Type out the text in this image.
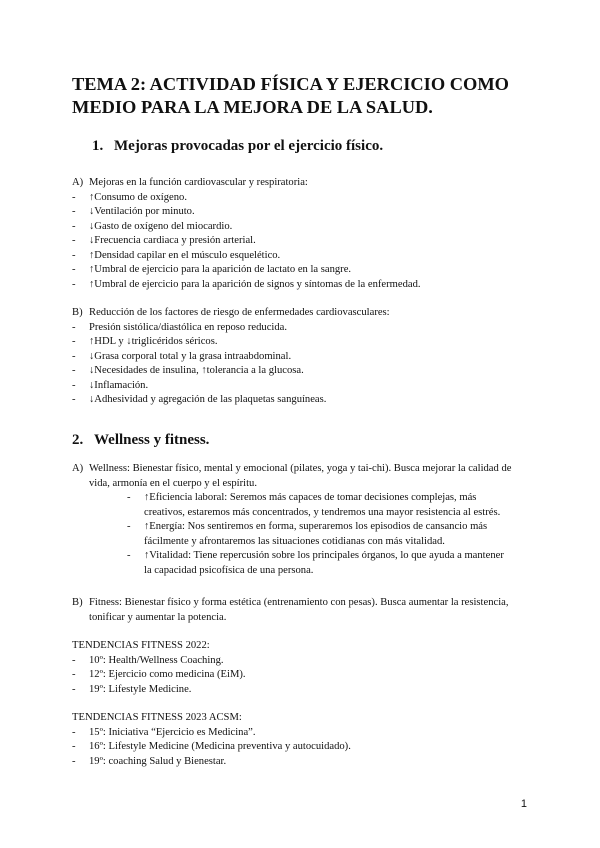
TEMA 2: ACTIVIDAD FÍSICA Y EJERCICIO COMO MEDIO PARA LA MEJORA DE LA SALUD.
1. Mejoras provocadas por el ejercicio físico.
A) Mejoras en la función cardiovascular y respiratoria:
- ↑Consumo de oxígeno.
- ↓Ventilación por minuto.
- ↓Gasto de oxígeno del miocardio.
- ↓Frecuencia cardiaca y presión arterial.
- ↑Densidad capilar en el músculo esquelético.
- ↑Umbral de ejercicio para la aparición de lactato en la sangre.
- ↑Umbral de ejercicio para la aparición de signos y síntomas de la enfermedad.
B) Reducción de los factores de riesgo de enfermedades cardiovasculares:
- Presión sistólica/diastólica en reposo reducida.
- ↑HDL y ↓triglicéridos séricos.
- ↓Grasa corporal total y la grasa intraabdominal.
- ↓Necesidades de insulina, ↑tolerancia a la glucosa.
- ↓Inflamación.
- ↓Adhesividad y agregación de las plaquetas sanguíneas.
2. Wellness y fitness.
A) Wellness: Bienestar físico, mental y emocional (pilates, yoga y tai-chi). Busca mejorar la calidad de vida, armonía en el cuerpo y el espíritu.
- ↑Eficiencia laboral: Seremos más capaces de tomar decisiones complejas, más creativos, estaremos más concentrados, y tendremos una mayor resistencia al estrés.
- ↑Energía: Nos sentiremos en forma, superaremos los episodios de cansancio más fácilmente y afrontaremos las situaciones cotidianas con más vitalidad.
- ↑Vitalidad: Tiene repercusión sobre los principales órganos, lo que ayuda a mantener la capacidad psicofísica de una persona.
B) Fitness: Bienestar físico y forma estética (entrenamiento con pesas). Busca aumentar la resistencia, tonificar y aumentar la potencia.
TENDENCIAS FITNESS 2022:
- 10º: Health/Wellness Coaching.
- 12º: Ejercicio como medicina (EiM).
- 19º: Lifestyle Medicine.
TENDENCIAS FITNESS 2023 ACSM:
- 15º: Iniciativa “Ejercicio es Medicina”.
- 16º: Lifestyle Medicine (Medicina preventiva y autocuidado).
- 19º: coaching Salud y Bienestar.
1
